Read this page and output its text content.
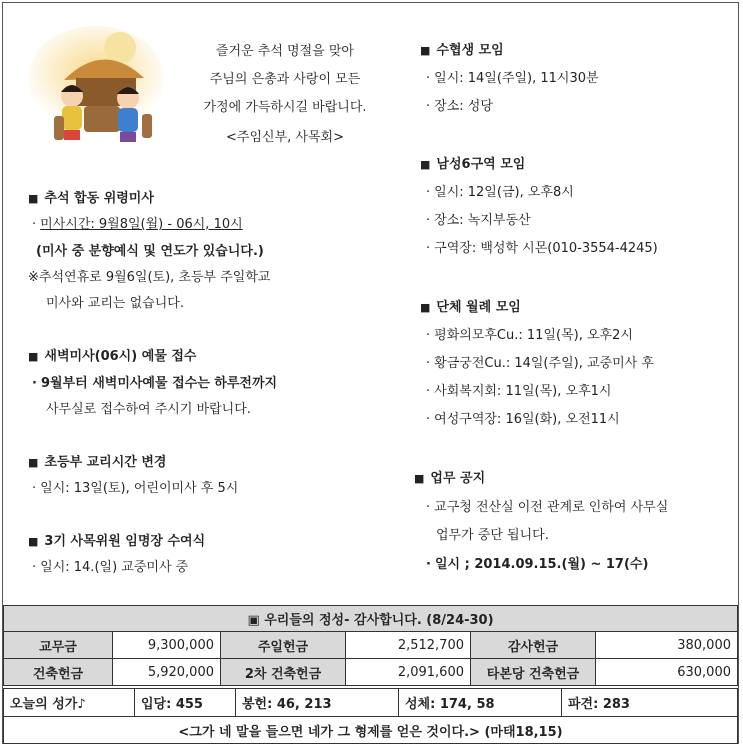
즐거운 추석 명절을 맞아
주님의 은총과 사랑이 모든
가정에 가득하시길 바랍니다.
<주임신부, 사목회>
■ 추석 합동 위령미사
· 미사시간: 9월8일(월) - 06시, 10시
(미사 중 분향예식 및 연도가 있습니다.)
※추석연휴로 9월6일(토), 초등부 주일학교
미사와 교리는 없습니다.
■ 새벽미사(06시) 예물 접수
· 9월부터 새벽미사예물 접수는 하루전까지
사무실로 접수하여 주시기 바랍니다.
■ 초등부 교리시간 변경
· 일시: 13일(토), 어린이미사 후 5시
■ 3기 사목위원 임명장 수여식
· 일시: 14.(일) 교중미사 중
■ 수협생 모임
· 일시: 14일(주일), 11시30분
· 장소: 성당
■ 남성6구역 모임
· 일시: 12일(금), 오후8시
· 장소: 녹지부동산
· 구역장: 백성학 시몬(010-3554-4245)
■ 단체 월례 모임
· 평화의모후Cu.: 11일(목), 오후2시
· 황금궁전Cu.: 14일(주일), 교중미사 후
· 사회복지회: 11일(목), 오후1시
· 여성구역장: 16일(화), 오전11시
■ 업무 공지
· 교구청 전산실 이전 관계로 인하여 사무실
업무가 중단 됩니다.
· 일시 ; 2014.09.15.(월) ~ 17(수)
▣ 우리들의 정성- 감사합니다. (8/24-30)					
교무금	9,300,000	주일헌금	2,512,700	감사헌금	380,000
건축헌금	5,920,000	2차 건축헌금	2,091,600	타본당 건축헌금	630,000
오늘의 성가♪	입당: 455	봉헌: 46, 213	성체: 174, 58	파견: 283
<그가 네 말을 들으면 네가 그 형제를 얻은 것이다.> (마태18,15)
